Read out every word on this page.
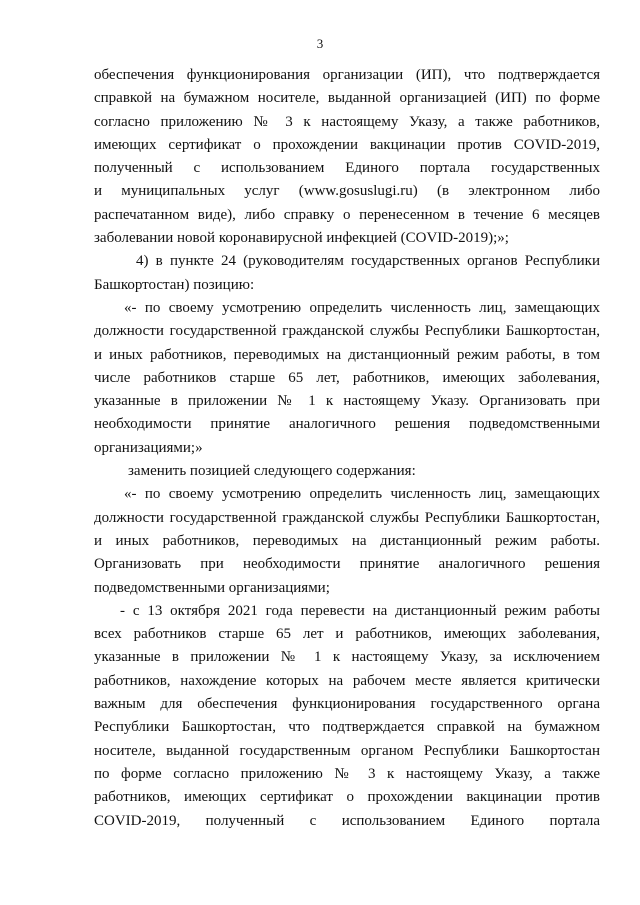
3
обеспечения функционирования организации (ИП), что подтверждается
справкой на бумажном носителе, выданной организацией (ИП) по форме
согласно приложению № 3 к настоящему Указу, а также работников,
имеющих сертификат о прохождении вакцинации против COVID-2019,
полученный с использованием Единого портала государственных
и муниципальных услуг (www.gosuslugi.ru) (в электронном либо
распечатанном виде), либо справку о перенесенном в течение 6 месяцев
заболевании новой коронавирусной инфекцией (COVID-2019);»;
4) в пункте 24 (руководителям государственных органов Республики
Башкортостан) позицию:
«- по своему усмотрению определить численность лиц, замещающих
должности государственной гражданской службы Республики Башкортостан,
и иных работников, переводимых на дистанционный режим работы, в том
числе работников старше 65 лет, работников, имеющих заболевания,
указанные в приложении № 1 к настоящему Указу. Организовать при
необходимости принятие аналогичного решения подведомственными
организациями;»
заменить позицией следующего содержания:
«- по своему усмотрению определить численность лиц, замещающих
должности государственной гражданской службы Республики Башкортостан,
и иных работников, переводимых на дистанционный режим работы.
Организовать при необходимости принятие аналогичного решения
подведомственными организациями;
- с 13 октября 2021 года перевести на дистанционный режим работы
всех работников старше 65 лет и работников, имеющих заболевания,
указанные в приложении № 1 к настоящему Указу, за исключением
работников, нахождение которых на рабочем месте является критически
важным для обеспечения функционирования государственного органа
Республики Башкортостан, что подтверждается справкой на бумажном
носителе, выданной государственным органом Республики Башкортостан
по форме согласно приложению № 3 к настоящему Указу, а также
работников, имеющих сертификат о прохождении вакцинации против
COVID-2019, полученный с использованием Единого портала
